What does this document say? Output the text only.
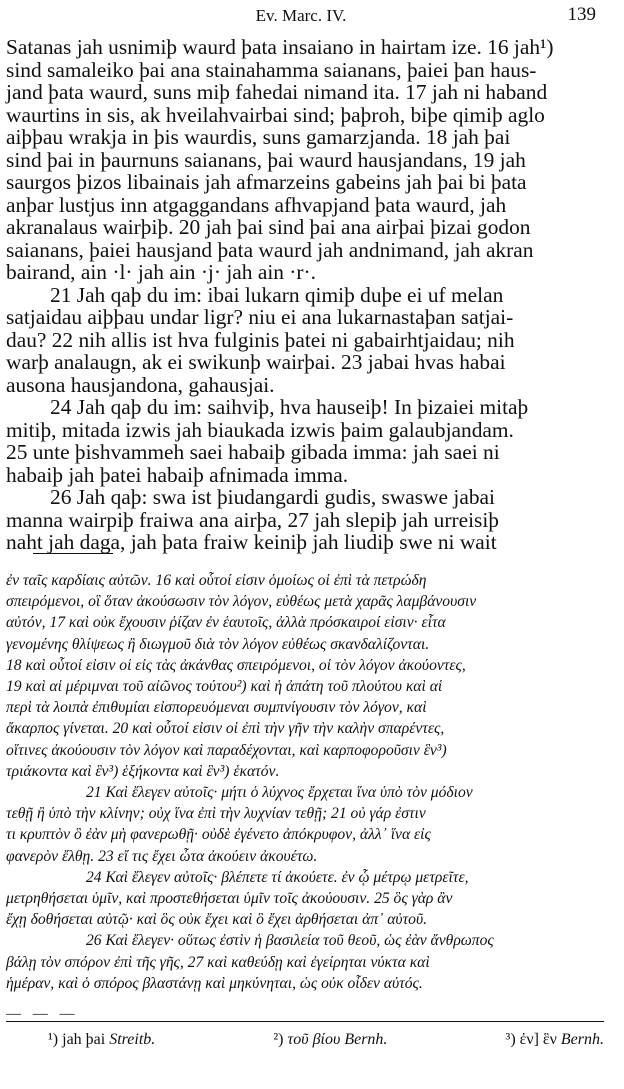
Ev. Marc. IV.	139
Satanas jah usnimiþ waurd þata insaiano in hairtam ize. 16 jah¹)
sind samaleiko þai ana stainahamma saianans, þaiei þan haus-
jand þata waurd, suns miþ fahedai nimand ita. 17 jah ni haband
waurtins in sis, ak hveilahvairbai sind; þaþroh, biþe qimiþ aglo
aiþþau wrakja in þis waurdis, suns gamarzjanda. 18 jah þai
sind þai in þaurnuns saianans, þai waurd hausjandans, 19 jah
saurgos þizos libainais jah afmarzeins gabeins jah þai bi þata
anþar lustjus inn atgaggandans afhvapjand þata waurd, jah
akranalaus wairþiþ. 20 jah þai sind þai ana airþai þizai godon
saianans, þaiei hausjand þata waurd jah andnimand, jah akran
bairand, ain ·l· jah ain ·j· jah ain ·r·.
21 Jah qaþ du im: ibai lukarn qimiþ duþe ei uf melan
satjaidau aiþþau undar ligr? niu ei ana lukarnastaþan satjai-
dau? 22 nih allis ist hva fulginis þatei ni gabairhtjaidau; nih
warþ analaugn, ak ei swikunþ wairþai. 23 jabai hvas habai
ausona hausjandona, gahausjai.
24 Jah qaþ du im: saihviþ, hva hauseiþ! In þizaiei mitaþ
mitiþ, mitada izwis jah biaukada izwis þaim galaubjandam.
25 unte þishvammeh saei habaiþ gibada imma: jah saei ni
habaiþ jah þatei habaiþ afnimada imma.
26 Jah qaþ: swa ist þiudangardi gudis, swaswe jabai
manna wairpiþ fraiwa ana airþa, 27 jah slepiþ jah urreisiþ
naht jah daga, jah þata fraiw keiniþ jah liudiþ swe ni wait
ἐν ταῖς καρδίαις αὐτῶν. 16 καὶ οὗτοί εἰσιν ὁμοίως οἱ ἐπὶ τὰ πετρώδη
σπειρόμενοι, οἳ ὅταν ἀκούσωσιν τὸν λόγον, εὐθέως μετὰ χαρᾶς λαμβάνουσιν
αὐτόν, 17 καὶ οὐκ ἔχουσιν ῥίζαν ἐν ἑαυτοῖς, ἀλλὰ πρόσκαιροί εἰσιν· εἶτα
γενομένης θλίψεως ἢ διωγμοῦ διὰ τὸν λόγον εὐθέως σκανδαλίζονται.
18 καὶ οὗτοί εἰσιν οἱ εἰς τὰς ἀκάνθας σπειρόμενοι, οἱ τὸν λόγον ἀκούοντες,
19 καὶ αἱ μέριμναι τοῦ αἰῶνος τούτου²) καὶ ἡ ἀπάτη τοῦ πλούτου καὶ αἱ
περὶ τὰ λοιπὰ ἐπιθυμίαι εἰσπορευόμεναι συμπνίγουσιν τὸν λόγον, καὶ
ἄκαρπος γίνεται. 20 καὶ οὗτοί εἰσιν οἱ ἐπὶ τὴν γῆν τὴν καλὴν σπαρέντες,
οἵτινες ἀκούουσιν τὸν λόγον καὶ παραδέχονται, καὶ καρποφοροῦσιν ἓν³)
τριάκοντα καὶ ἓν³) ἑξήκοντα καὶ ἓν³) ἑκατόν.
21 Καὶ ἔλεγεν αὐτοῖς· μήτι ὁ λύχνος ἔρχεται ἵνα ὑπὸ τὸν μόδιον
τεθῇ ἢ ὑπὸ τὴν κλίνην; οὐχ ἵνα ἐπὶ τὴν λυχνίαν τεθῇ; 21 οὐ γάρ ἐστιν
τι κρυπτὸν ὃ ἐὰν μὴ φανερωθῇ· οὐδὲ ἐγένετο ἀπόκρυφον, ἀλλ᾽ ἵνα εἰς
φανερὸν ἔλθῃ. 23 εἴ τις ἔχει ὦτα ἀκούειν ἀκουέτω.
24 Καὶ ἔλεγεν αὐτοῖς· βλέπετε τί ἀκούετε. ἐν ᾧ μέτρῳ μετρεῖτε,
μετρηθήσεται ὑμῖν, καὶ προστεθήσεται ὑμῖν τοῖς ἀκούουσιν. 25 ὃς γὰρ ἂν
ἔχῃ δοθήσεται αὐτῷ· καὶ ὃς οὐκ ἔχει καὶ ὃ ἔχει ἀρθήσεται ἀπ᾽ αὐτοῦ.
26 Καὶ ἔλεγεν· οὕτως ἐστὶν ἡ βασιλεία τοῦ θεοῦ, ὡς ἐὰν ἄνθρωπος
βάλῃ τὸν σπόρον ἐπὶ τῆς γῆς, 27 καὶ καθεύδῃ καὶ ἐγείρηται νύκτα καὶ
ἡμέραν, καὶ ὁ σπόρος βλαστάνῃ καὶ μηκύνηται, ὡς οὐκ οἶδεν αὐτός.
— — —
¹) jah þai Streitb.	²) τοῦ βίου Bernh.	³) ἐν] ἓν Bernh.
